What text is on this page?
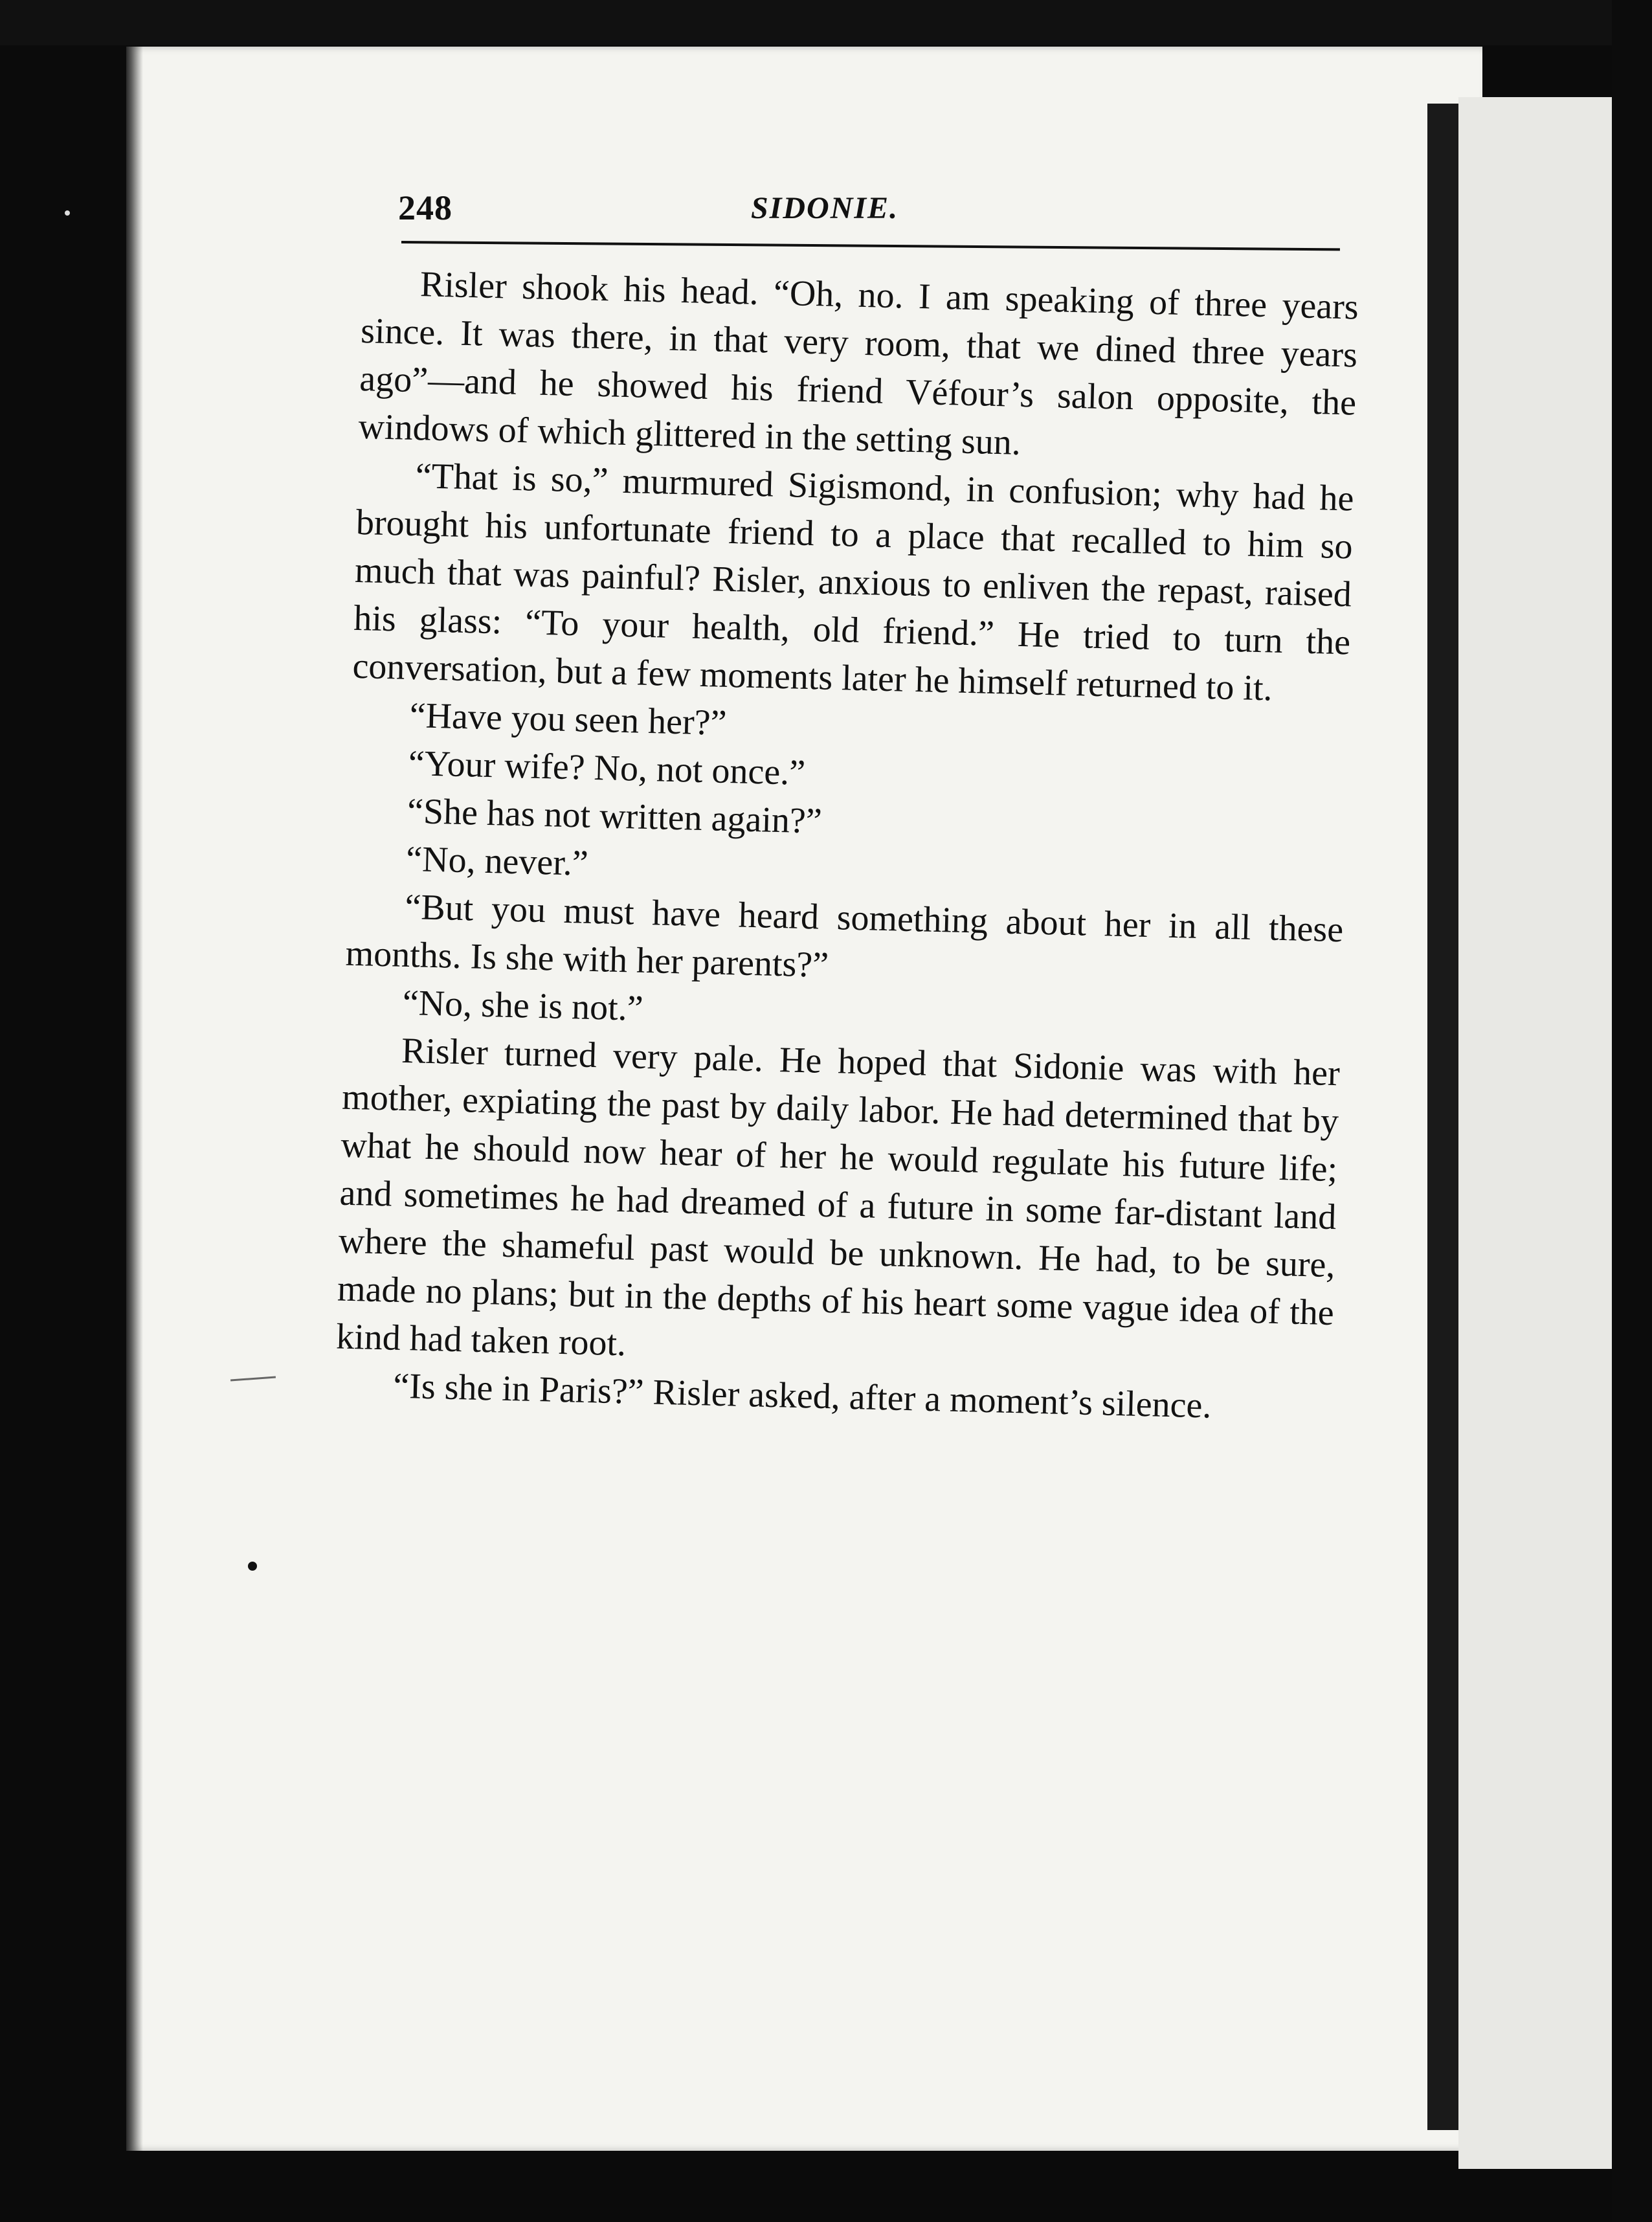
248	SIDONIE.

Risler shook his head. “Oh, no. I am speaking of three years since. It was there, in that very room, that we dined three years ago”—and he showed his friend Véfour’s salon opposite, the windows of which glittered in the setting sun.

“That is so,” murmured Sigismond, in confusion; why had he brought his unfortunate friend to a place that recalled to him so much that was painful? Risler, anxious to enliven the repast, raised his glass: “To your health, old friend.” He tried to turn the conversation, but a few moments later he himself returned to it.

“Have you seen her?”

“Your wife? No, not once.”

“She has not written again?”

“No, never.”

“But you must have heard something about her in all these months. Is she with her parents?”

“No, she is not.”

Risler turned very pale. He hoped that Sidonie was with her mother, expiating the past by daily labor. He had determined that by what he should now hear of her he would regulate his future life; and sometimes he had dreamed of a future in some far-distant land where the shameful past would be unknown. He had, to be sure, made no plans; but in the depths of his heart some vague idea of the kind had taken root.

“Is she in Paris?” Risler asked, after a moment’s silence.
